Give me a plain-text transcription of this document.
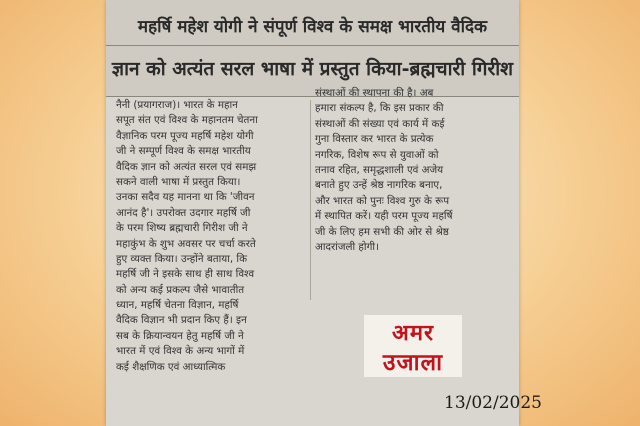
महर्षि महेश योगी ने संपूर्ण विश्व के समक्ष भारतीय वैदिक
ज्ञान को अत्यंत सरल भाषा में प्रस्तुत किया-ब्रह्मचारी गिरीश
नैनी (प्रयागराज)। भारत के महान
सपूत संत एवं विश्व के महानतम चेतना
वैज्ञानिक परम पूज्य महर्षि महेश योगी
जी ने सम्पूर्ण विश्व के समक्ष भारतीय
वैदिक ज्ञान को अत्यंत सरल एवं समझ
सकने वाली भाषा में प्रस्तुत किया।
उनका सदैव यह मानना था कि 'जीवन
आनंद है'। उपरोक्त उदगार महर्षि जी
के परम शिष्य ब्रह्मचारी गिरीश जी ने
महाकुंभ के शुभ अवसर पर चर्चा करते
हुए व्यक्त किया। उन्होंने बताया, कि
महर्षि जी ने इसके साथ ही साथ विश्व
को अन्य कई प्रकल्प जैसे भावातीत
ध्यान, महर्षि चेतना विज्ञान, महर्षि
वैदिक विज्ञान भी प्रदान किए हैं। इन
सब के क्रियान्वयन हेतु महर्षि जी ने
भारत में एवं विश्व के अन्य भागों में
कई शैक्षणिक एवं आध्यात्मिक
संस्थाओं की स्थापना की है। अब
हमारा संकल्प है, कि इस प्रकार की
संस्थाओं की संख्या एवं कार्य में कई
गुना विस्तार कर भारत के प्रत्येक
नगरिक, विशेष रूप से युवाओं को
तनाव रहित, समृद्धशाली एवं अजेय
बनाते हुए उन्हें श्रेष्ठ नागरिक बनाए,
और भारत को पुनः विश्व गुरु के रूप
में स्थापित करें। यही परम पूज्य महर्षि
जी के लिए हम सभी की ओर से श्रेष्ठ
आदरांजली होगी।
अमर
उजाला
13/02/2025
